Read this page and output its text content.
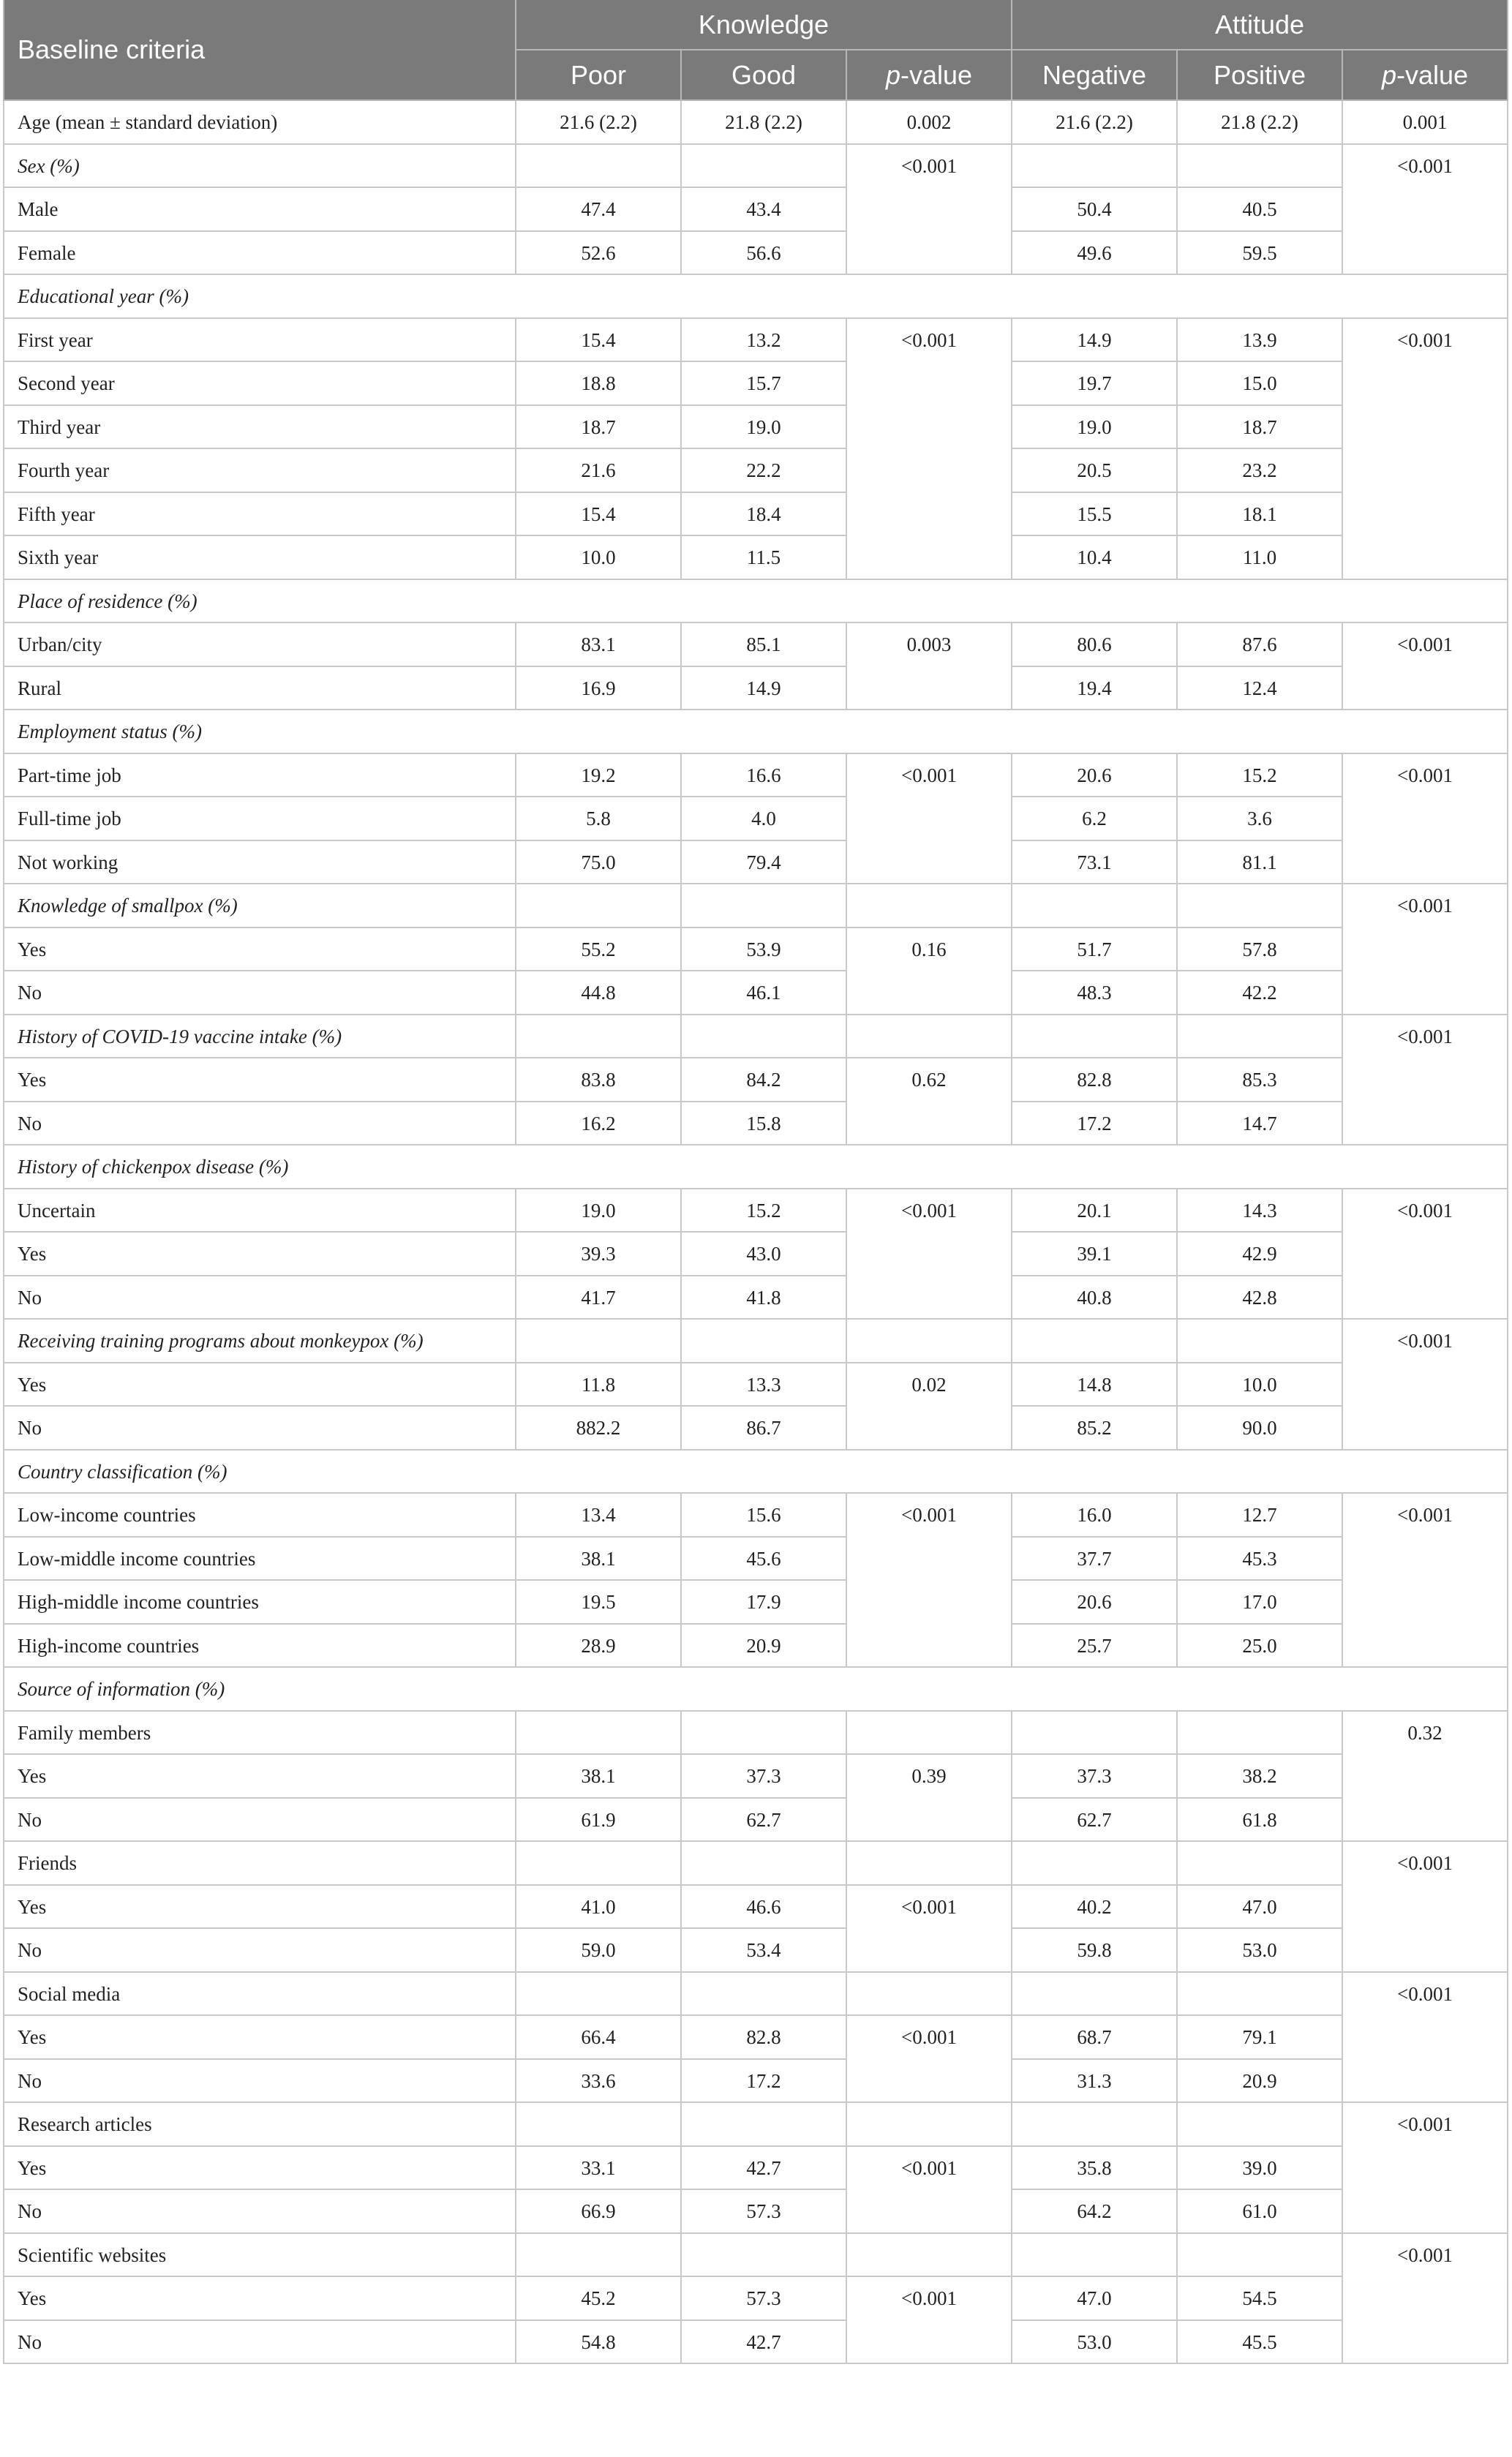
Baseline criteria	Knowledge			Attitude		
	Poor	Good	p-value	Negative	Positive	p-value
Age (mean ± standard deviation)	21.6 (2.2)	21.8 (2.2)	0.002	21.6 (2.2)	21.8 (2.2)	0.001
Sex (%)			<0.001			<0.001
Male	47.4	43.4		50.4	40.5	
Female	52.6	56.6		49.6	59.5	
Educational year (%)						
First year	15.4	13.2	<0.001	14.9	13.9	<0.001
Second year	18.8	15.7		19.7	15.0	
Third year	18.7	19.0		19.0	18.7	
Fourth year	21.6	22.2		20.5	23.2	
Fifth year	15.4	18.4		15.5	18.1	
Sixth year	10.0	11.5		10.4	11.0	
Place of residence (%)						
Urban/city	83.1	85.1	0.003	80.6	87.6	<0.001
Rural	16.9	14.9		19.4	12.4	
Employment status (%)						
Part-time job	19.2	16.6	<0.001	20.6	15.2	<0.001
Full-time job	5.8	4.0		6.2	3.6	
Not working	75.0	79.4		73.1	81.1	
Knowledge of smallpox (%)						<0.001
Yes	55.2	53.9	0.16	51.7	57.8	
No	44.8	46.1		48.3	42.2	
History of COVID-19 vaccine intake (%)						<0.001
Yes	83.8	84.2	0.62	82.8	85.3	
No	16.2	15.8		17.2	14.7	
History of chickenpox disease (%)						
Uncertain	19.0	15.2	<0.001	20.1	14.3	<0.001
Yes	39.3	43.0		39.1	42.9	
No	41.7	41.8		40.8	42.8	
Receiving training programs about monkeypox (%)						<0.001
Yes	11.8	13.3	0.02	14.8	10.0	
No	882.2	86.7		85.2	90.0	
Country classification (%)						
Low-income countries	13.4	15.6	<0.001	16.0	12.7	<0.001
Low-middle income countries	38.1	45.6		37.7	45.3	
High-middle income countries	19.5	17.9		20.6	17.0	
High-income countries	28.9	20.9		25.7	25.0	
Source of information (%)						
Family members						0.32
Yes	38.1	37.3	0.39	37.3	38.2	
No	61.9	62.7		62.7	61.8	
Friends						<0.001
Yes	41.0	46.6	<0.001	40.2	47.0	
No	59.0	53.4		59.8	53.0	
Social media						<0.001
Yes	66.4	82.8	<0.001	68.7	79.1	
No	33.6	17.2		31.3	20.9	
Research articles						<0.001
Yes	33.1	42.7	<0.001	35.8	39.0	
No	66.9	57.3		64.2	61.0	
Scientific websites						<0.001
Yes	45.2	57.3	<0.001	47.0	54.5	
No	54.8	42.7		53.0	45.5	
